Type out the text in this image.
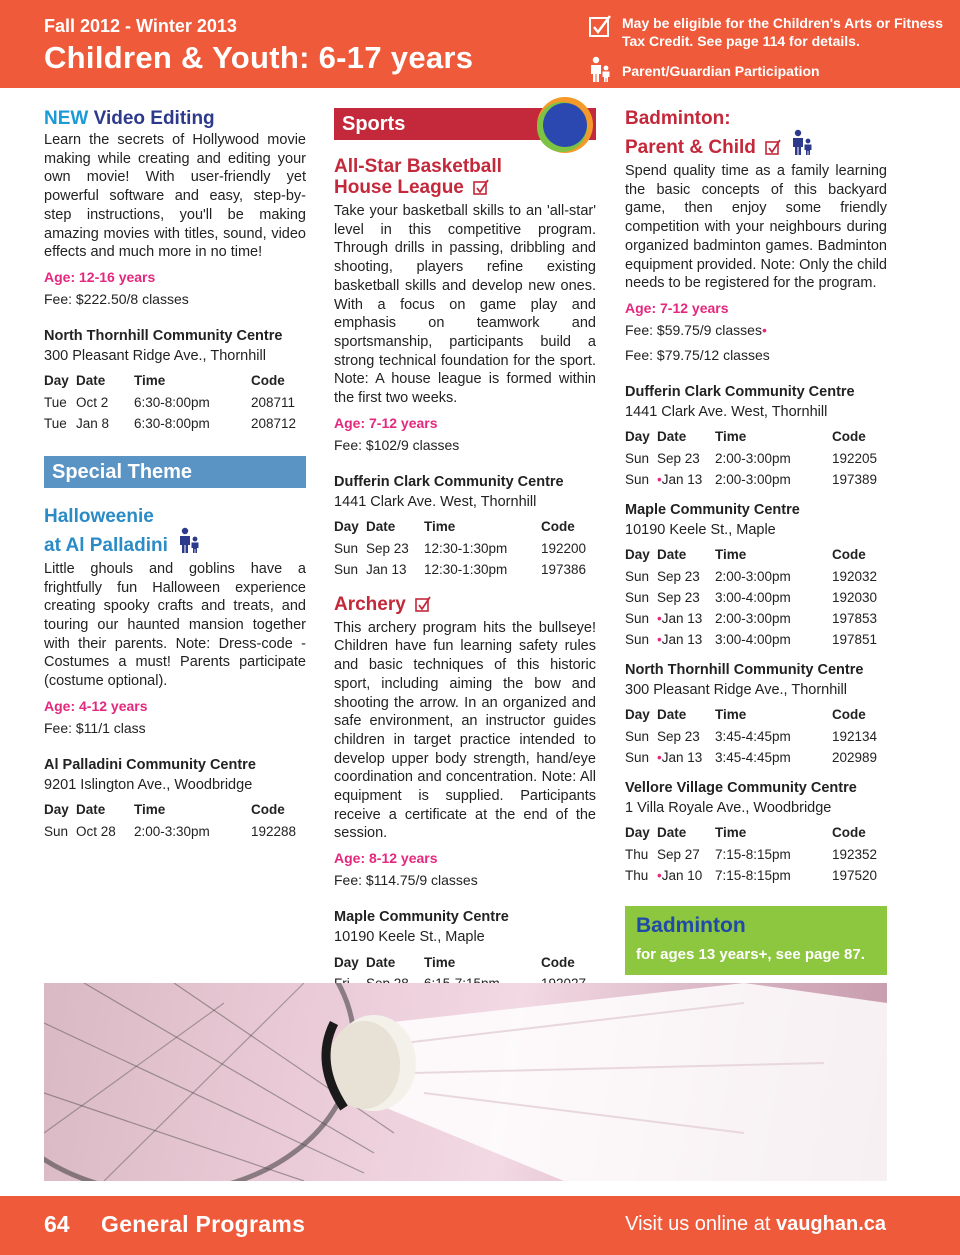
Fall 2012 - Winter 2013
Children & Youth: 6-17 years
May be eligible for the Children's Arts or Fitness Tax Credit. See page 114 for details.
Parent/Guardian Participation
NEW Video Editing
Learn the secrets of Hollywood movie making while creating and editing your own movie! With user-friendly yet powerful software and easy, step-by-step instructions, you'll be making amazing movies with titles, sound, video effects and much more in no time!
Age: 12-16 years
Fee: $222.50/8 classes
North Thornhill Community Centre
300 Pleasant Ridge Ave., Thornhill
Day	Date	Time	Code
Tue	Oct 2	6:30-8:00pm	208711
Tue	Jan 8	6:30-8:00pm	208712
Special Theme
Halloweenie
at Al Palladini
Little ghouls and goblins have a frightfully fun Halloween experience creating spooky crafts and treats, and touring our haunted mansion together with their parents. Note: Dress-code - Costumes a must! Parents participate (costume optional).
Age: 4-12 years
Fee: $11/1 class
Al Palladini Community Centre
9201 Islington Ave., Woodbridge
Day	Date	Time	Code
Sun	Oct 28	2:00-3:30pm	192288
Sports
All-Star Basketball
House League
Take your basketball skills to an 'all-star' level in this competitive program. Through drills in passing, dribbling and shooting, players refine existing basketball skills and develop new ones. With a focus on game play and emphasis on teamwork and sportsmanship, participants build a strong technical foundation for the sport. Note: A house league is formed within the first two weeks.
Age: 7-12 years
Fee: $102/9 classes
Dufferin Clark Community Centre
1441 Clark Ave. West, Thornhill
Day	Date	Time	Code
Sun	Sep 23	12:30-1:30pm	192200
Sun	Jan 13	12:30-1:30pm	197386
Archery
This archery program hits the bullseye! Children have fun learning safety rules and basic techniques of this historic sport, including aiming the bow and shooting the arrow. In an organized and safe environment, an instructor guides children in target practice intended to develop upper body strength, hand/eye coordination and concentration. Note: All equipment is supplied. Participants receive a certificate at the end of the session.
Age: 8-12 years
Fee: $114.75/9 classes
Maple Community Centre
10190 Keele St., Maple
Day	Date	Time	Code

Badminton:
Parent & Child
Spend quality time as a family learning the basic concepts of this backyard game, then enjoy some friendly competition with your neighbours during organized badminton games. Badminton equipment provided. Note: Only the child needs to be registered for the program.
Age: 7-12 years
Fee: $59.75/9 classes•
Fee: $79.75/12 classes
Dufferin Clark Community Centre
1441 Clark Ave. West, Thornhill
Day	Date	Time	Code
Sun	Sep 23	2:00-3:00pm	192205
Sun	•Jan 13	2:00-3:00pm	197389
Maple Community Centre
10190 Keele St., Maple
Day	Date	Time	Code
Sun	Sep 23	2:00-3:00pm	192032
Sun	Sep 23	3:00-4:00pm	192030
Sun	•Jan 13	2:00-3:00pm	197853
Sun	•Jan 13	3:00-4:00pm	197851
North Thornhill Community Centre
300 Pleasant Ridge Ave., Thornhill
Day	Date	Time	Code
Sun	Sep 23	3:45-4:45pm	192134
Sun	•Jan 13	3:45-4:45pm	202989
Vellore Village Community Centre
1 Villa Royale Ave., Woodbridge
Day	Date	Time	Code
Thu	Sep 27	7:15-8:15pm	192352
Thu	•Jan 10	7:15-8:15pm	197520
Badminton
for ages 13 years+, see page 87.
64 General Programs	Visit us online at vaughan.ca
